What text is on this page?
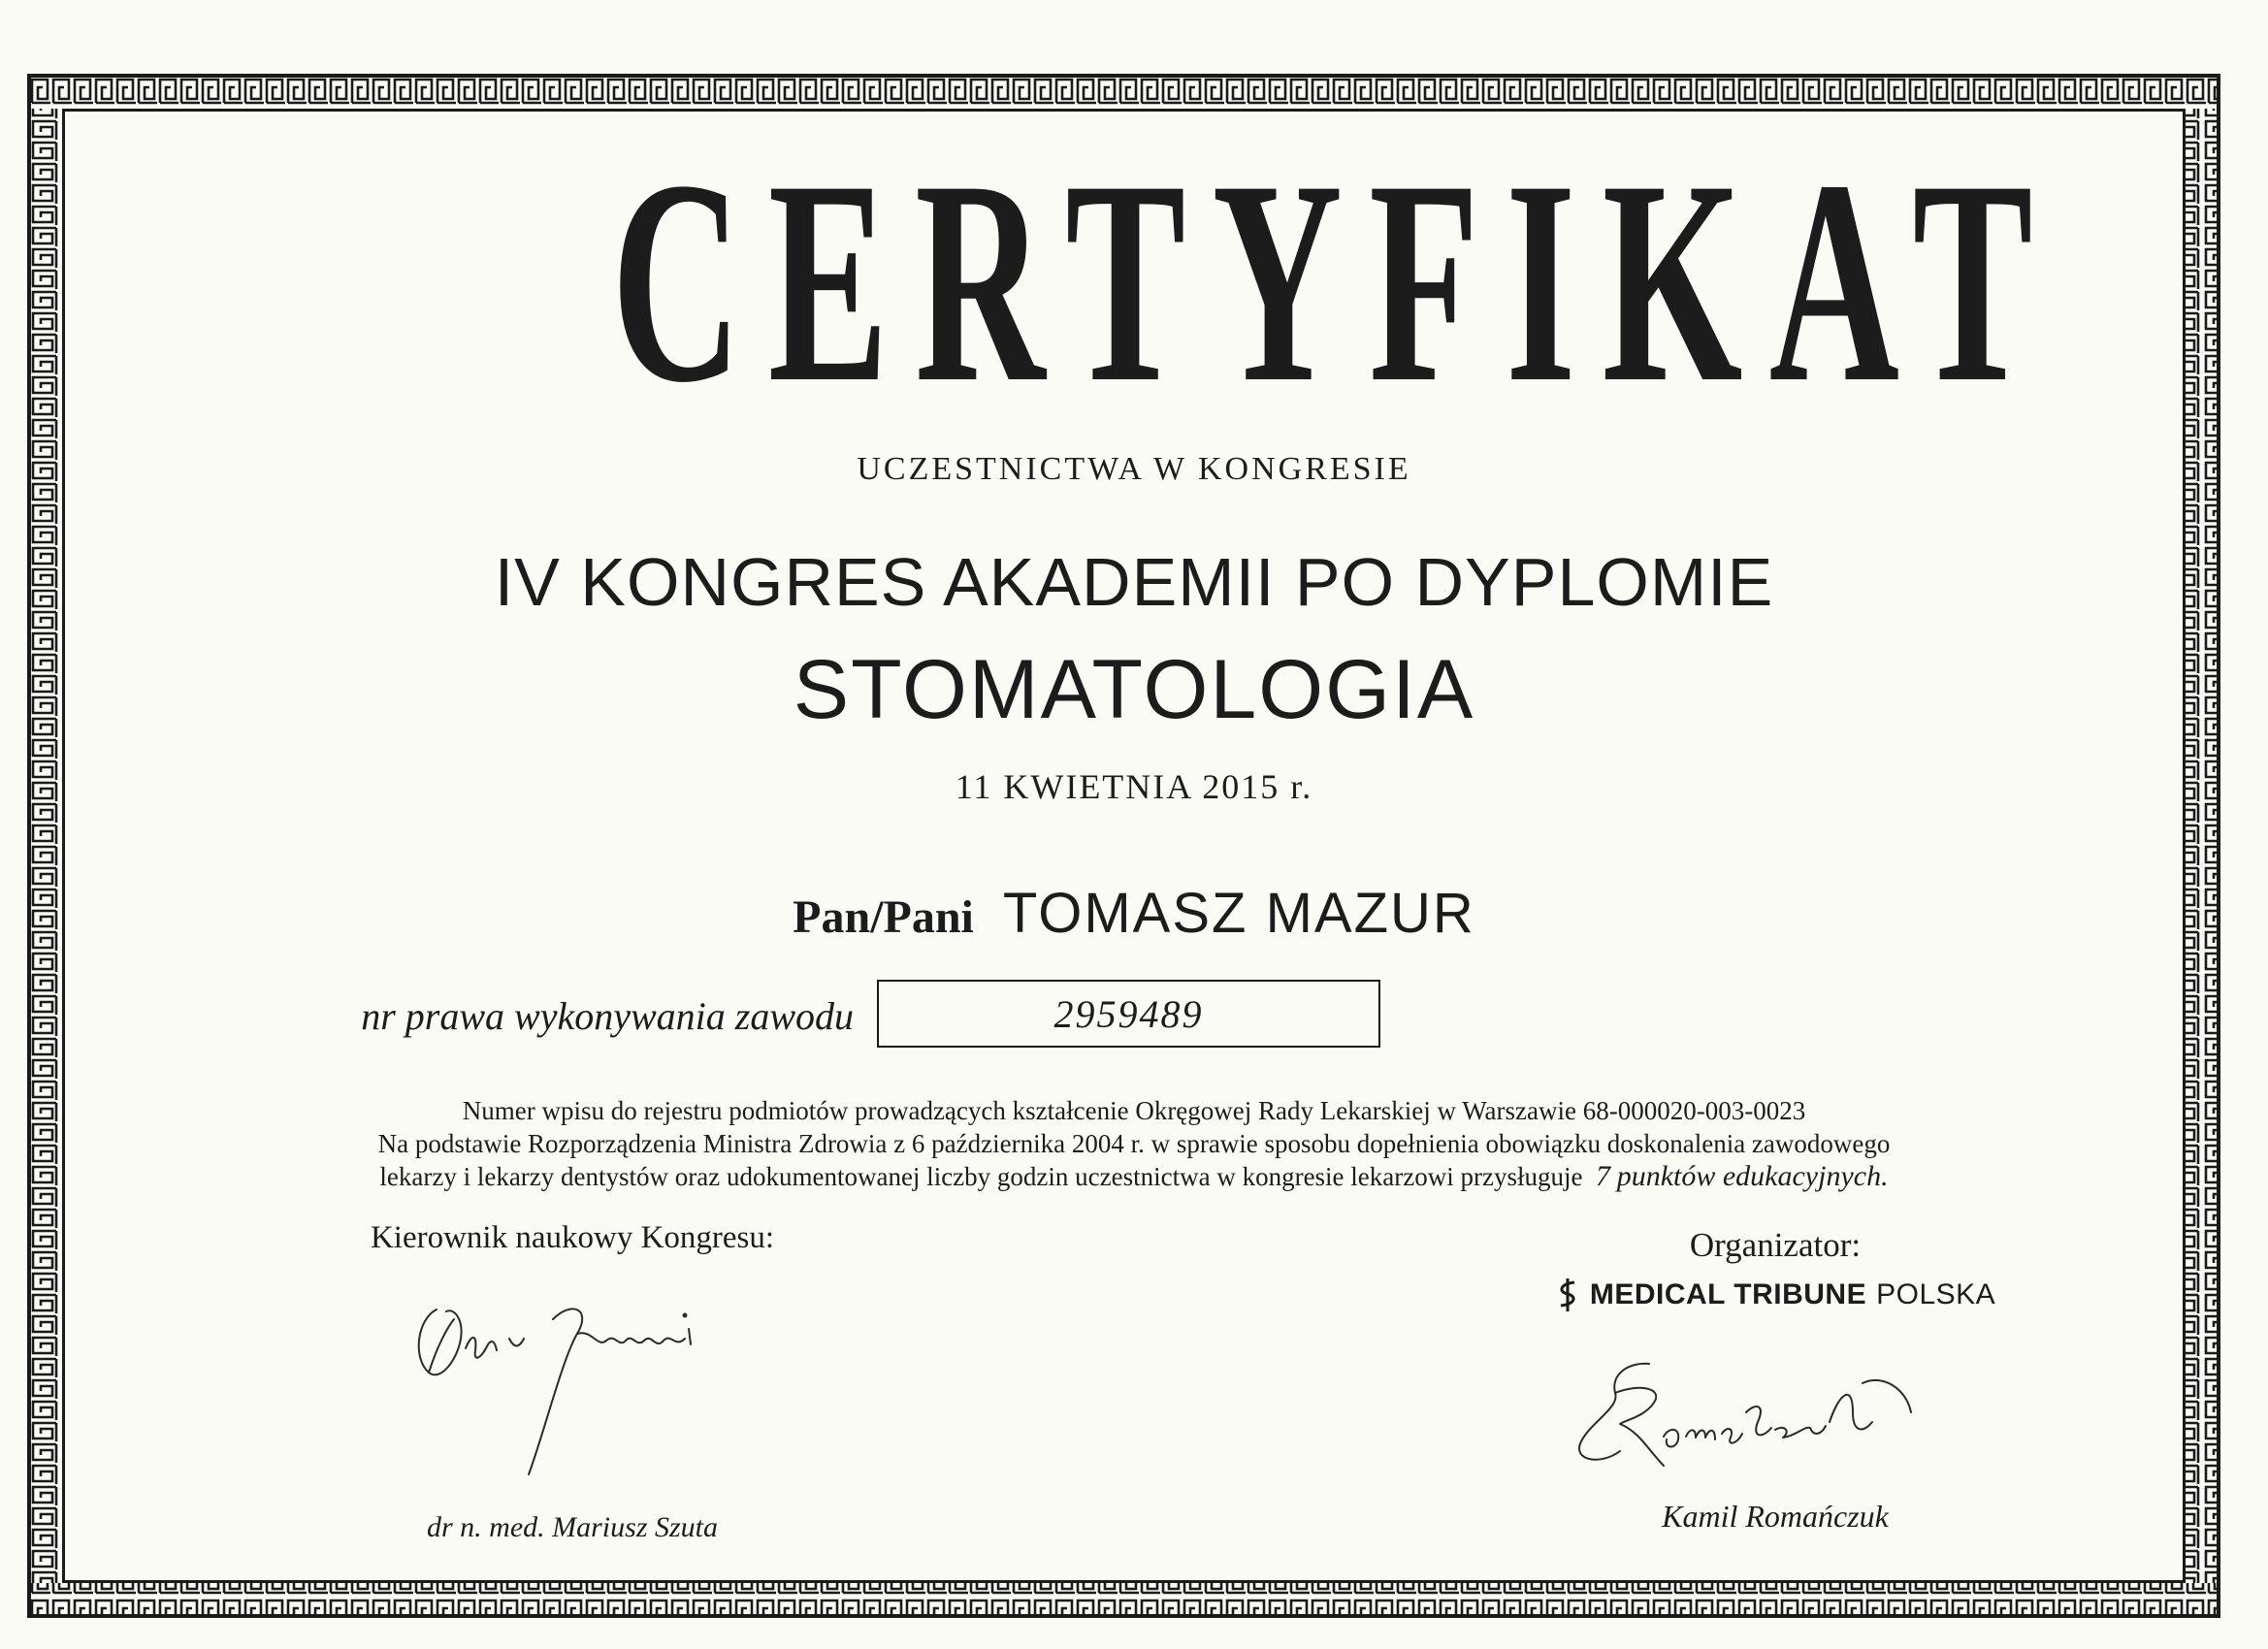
CERTYFIKAT
UCZESTNICTWA W KONGRESIE
IV KONGRES AKADEMII PO DYPLOMIE
STOMATOLOGIA
11 KWIETNIA 2015 r.
Pan/Pani TOMASZ MAZUR
nr prawa wykonywania zawodu	2959489
Numer wpisu do rejestru podmiotów prowadzących kształcenie Okręgowej Rady Lekarskiej w Warszawie 68-000020-003-0023
Na podstawie Rozporządzenia Ministra Zdrowia z 6 października 2004 r. w sprawie sposobu dopełnienia obowiązku doskonalenia zawodowego
lekarzy i lekarzy dentystów oraz udokumentowanej liczby godzin uczestnictwa w kongresie lekarzowi przysługuje 7 punktów edukacyjnych.
Kierownik naukowy Kongresu:
dr n. med. Mariusz Szuta
Organizator:
MEDICAL TRIBUNE POLSKA
Kamil Romańczuk
